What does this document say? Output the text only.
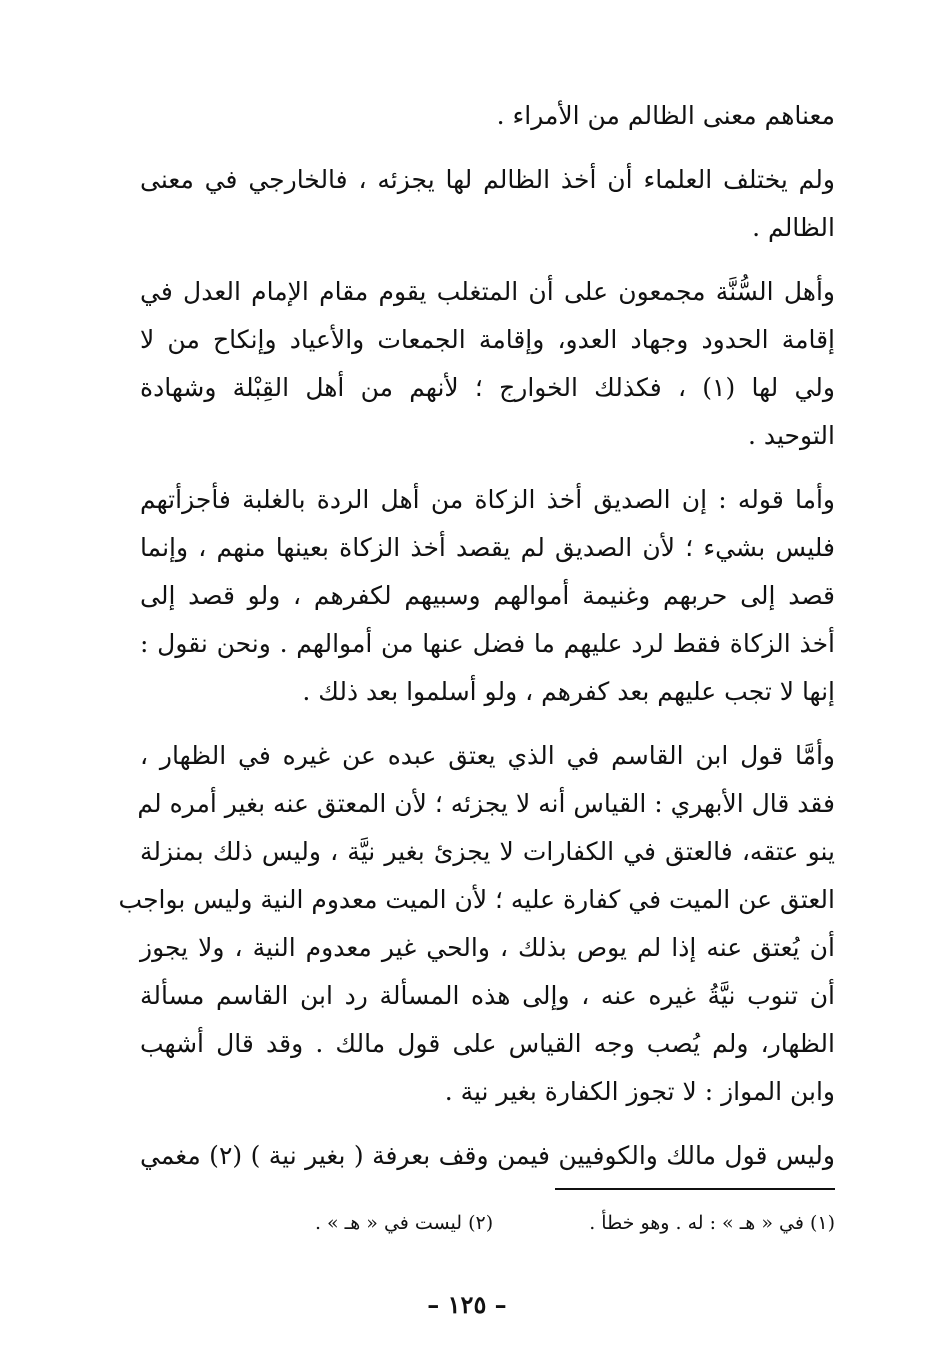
معناهم معنى الظالم من الأمراء .

ولم يختلف العلماء أن أخذ الظالم لها يجزئه ، فالخارجي في معنى
الظالم .

وأهل السُّنَّة مجمعون على أن المتغلب يقوم مقام الإمام العدل في
إقامة الحدود وجهاد العدو، وإقامة الجمعات والأعياد وإنكاح من لا
ولي لها (١) ، فكذلك الخوارج ؛ لأنهم من أهل القِبْلة وشهادة
التوحيد .

وأما قوله : إن الصديق أخذ الزكاة من أهل الردة بالغلبة فأجزأتهم
فليس بشيء ؛ لأن الصديق لم يقصد أخذ الزكاة بعينها منهم ، وإنما
قصد إلى حربهم وغنيمة أموالهم وسبيهم لكفرهم ، ولو قصد إلى
أخذ الزكاة فقط لرد عليهم ما فضل عنها من أموالهم . ونحن نقول :
إنها لا تجب عليهم بعد كفرهم ، ولو أسلموا بعد ذلك .

وأمَّا قول ابن القاسم في الذي يعتق عبده عن غيره في الظهار ،
فقد قال الأبهري : القياس أنه لا يجزئه ؛ لأن المعتق عنه بغير أمره لم
ينو عتقه، فالعتق في الكفارات لا يجزئ بغير نيَّة ، وليس ذلك بمنزلة
العتق عن الميت في كفارة عليه ؛ لأن الميت معدوم النية وليس بواجب
أن يُعتق عنه إذا لم يوص بذلك ، والحي غير معدوم النية ، ولا يجوز
أن تنوب نيَّةُ غيره عنه ، وإلى هذه المسألة رد ابن القاسم مسألة
الظهار، ولم يُصب وجه القياس على قول مالك . وقد قال أشهب
وابن المواز : لا تجوز الكفارة بغير نية .

وليس قول مالك والكوفيين فيمن وقف بعرفة ( بغير نية ) (٢) مغمي

(١) في « هـ » : له . وهو خطأ . (٢) ليست في « هـ » .
– ١٢٥ –
